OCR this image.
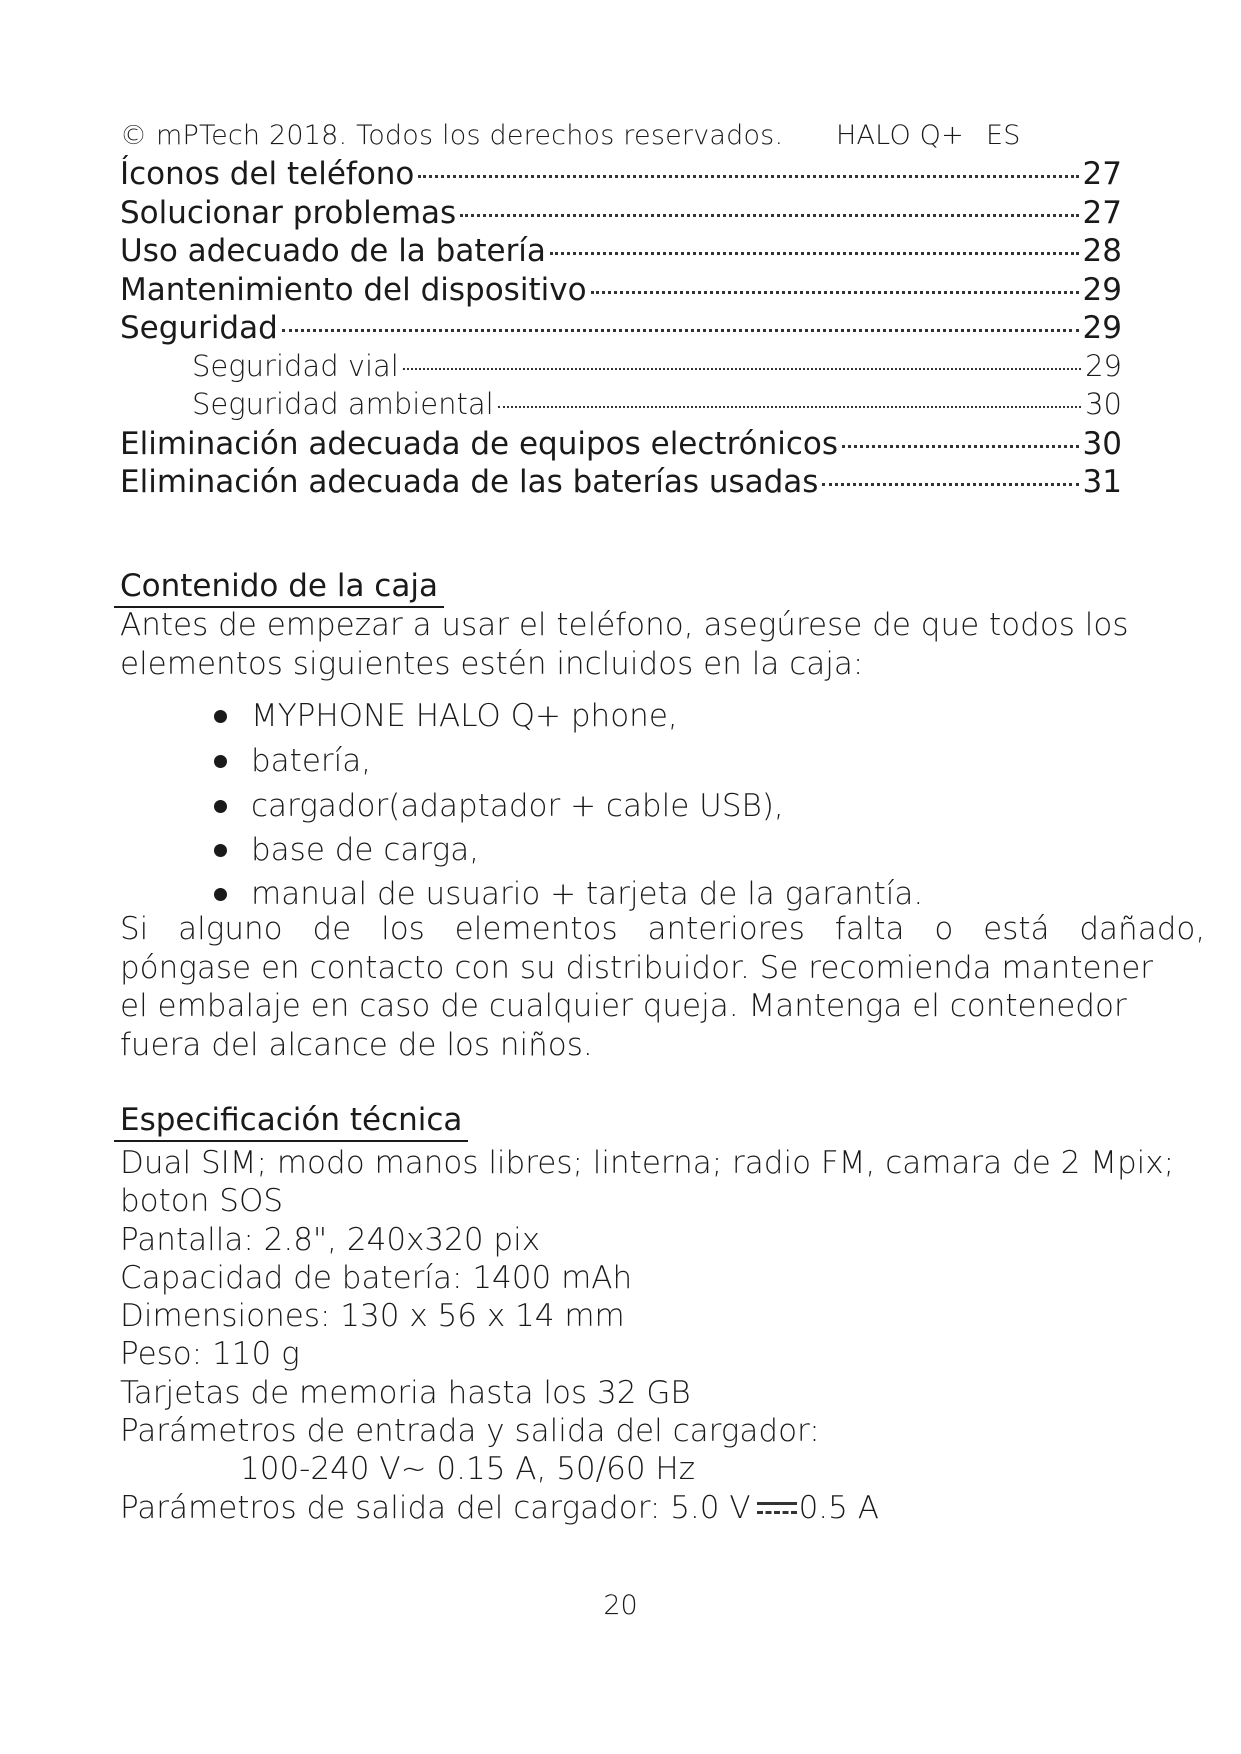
© mPTech 2018. Todos los derechos reservados. HALO Q+ ES
Íconos del teléfono	27
Solucionar problemas	27
Uso adecuado de la batería	28
Mantenimiento del dispositivo	29
Seguridad	29
Seguridad vial	29
Seguridad ambiental	30
Eliminación adecuada de equipos electrónicos	30
Eliminación adecuada de las baterías usadas	31
Contenido de la caja
Antes de empezar a usar el teléfono, asegúrese de que todos los
elementos siguientes estén incluidos en la caja:
MYPHONE HALO Q+ phone,
batería,
cargador(adaptador + cable USB),
base de carga,
manual de usuario + tarjeta de la garantía.
Si alguno de los elementos anteriores falta o está dañado,
póngase en contacto con su distribuidor. Se recomienda mantener
el embalaje en caso de cualquier queja. Mantenga el contenedor
fuera del alcance de los niños.
Especificación técnica
Dual SIM; modo manos libres; linterna; radio FM, camara de 2 Mpix;
boton SOS
Pantalla: 2.8", 240x320 pix
Capacidad de batería: 1400 mAh
Dimensiones: 130 x 56 x 14 mm
Peso: 110 g
Tarjetas de memoria hasta los 32 GB
Parámetros de entrada y salida del cargador:
100-240 V~ 0.15 A, 50/60 Hz
Parámetros de salida del cargador: 5.0 V 0.5 A
20
